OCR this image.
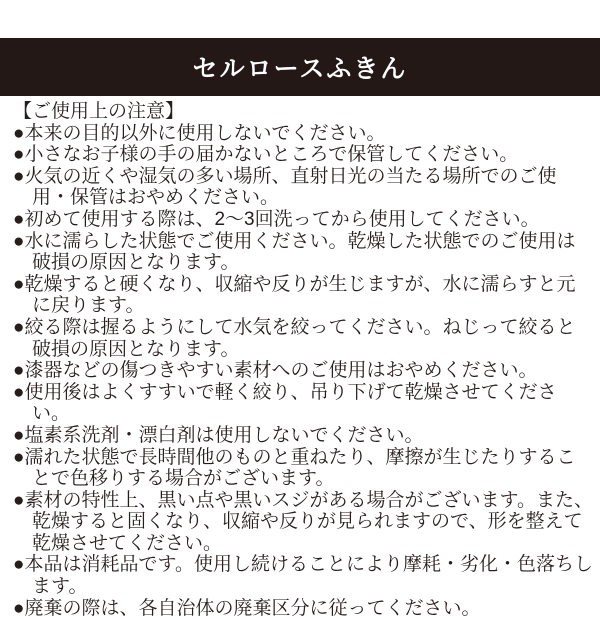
セルロースふきん
【ご使用上の注意】
●本来の目的以外に使用しないでください。
●小さなお子様の手の届かないところで保管してください。
●火気の近くや湿気の多い場所、直射日光の当たる場所でのご使用・保管はおやめください。
●初めて使用する際は、2〜3回洗ってから使用してください。
●水に濡らした状態でご使用ください。乾燥した状態でのご使用は破損の原因となります。
●乾燥すると硬くなり、収縮や反りが生じますが、水に濡らすと元に戻ります。
●絞る際は握るようにして水気を絞ってください。ねじって絞ると破損の原因となります。
●漆器などの傷つきやすい素材へのご使用はおやめください。
●使用後はよくすすいで軽く絞り、吊り下げて乾燥させてください。
●塩素系洗剤・漂白剤は使用しないでください。
●濡れた状態で長時間他のものと重ねたり、摩擦が生じたりすることで色移りする場合がございます。
●素材の特性上、黒い点や黒いスジがある場合がございます。また、乾燥すると固くなり、収縮や反りが見られますので、形を整えて乾燥させてください。
●本品は消耗品です。使用し続けることにより摩耗・劣化・色落ちします。
●廃棄の際は、各自治体の廃棄区分に従ってください。
